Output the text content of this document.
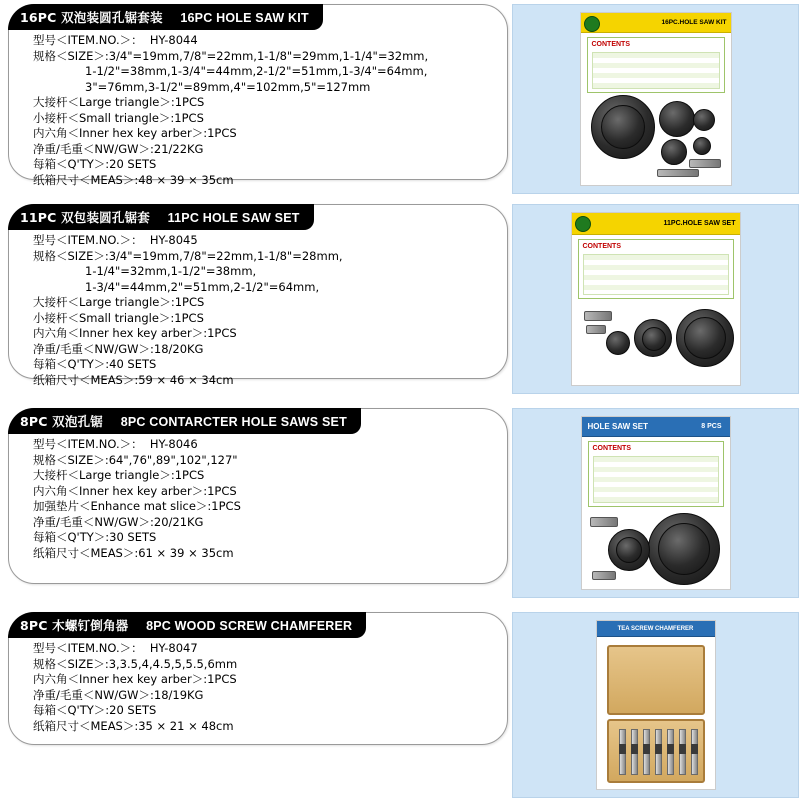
16PC 双泡装圆孔锯套装 16PC HOLE SAW KIT
型号＜ITEM.NO.＞：  HY-8044
规格＜SIZE＞:3/4"=19mm,7/8"=22mm,1-1/8"=29mm,1-1/4"=32mm,
1-1/2"=38mm,1-3/4"=44mm,2-1/2"=51mm,1-3/4"=64mm,
3"=76mm,3-1/2"=89mm,4"=102mm,5"=127mm
大接杆＜Large triangle＞:1PCS
小接杆＜Small triangle＞:1PCS
内六角＜Inner hex key arber＞:1PCS
净重/毛重＜NW/GW＞:21/22KG
每箱＜Q'TY＞:20 SETS
纸箱尺寸＜MEAS＞:48 × 39 × 35cm
16PC.HOLE SAW KIT
CONTENTS
11PC 双包装圆孔锯套 11PC HOLE SAW SET
型号＜ITEM.NO.＞：  HY-8045
规格＜SIZE＞:3/4"=19mm,7/8"=22mm,1-1/8"=28mm,
1-1/4"=32mm,1-1/2"=38mm,
1-3/4"=44mm,2"=51mm,2-1/2"=64mm,
大接杆＜Large triangle＞:1PCS
小接杆＜Small triangle＞:1PCS
内六角＜Inner hex key arber＞:1PCS
净重/毛重＜NW/GW＞:18/20KG
每箱＜Q'TY＞:40 SETS
纸箱尺寸＜MEAS＞:59 × 46 × 34cm
11PC.HOLE SAW SET
CONTENTS
8PC 双泡孔锯 8PC CONTARCTER HOLE SAWS SET
型号＜ITEM.NO.＞：  HY-8046
规格＜SIZE＞:64",76",89",102",127"
大接杆＜Large triangle＞:1PCS
内六角＜Inner hex key arber＞:1PCS
加强垫片＜Enhance mat slice＞:1PCS
净重/毛重＜NW/GW＞:20/21KG
每箱＜Q'TY＞:30 SETS
纸箱尺寸＜MEAS＞:61 × 39 × 35cm
HOLE SAW SET	8 PCS
CONTENTS
8PC 木螺钉倒角器 8PC WOOD SCREW CHAMFERER
型号＜ITEM.NO.＞：  HY-8047
规格＜SIZE＞:3,3.5,4,4.5,5,5.5,6mm
内六角＜Inner hex key arber＞:1PCS
净重/毛重＜NW/GW＞:18/19KG
每箱＜Q'TY＞:20 SETS
纸箱尺寸＜MEAS＞:35 × 21 × 48cm
TEA SCREW CHAMFERER
